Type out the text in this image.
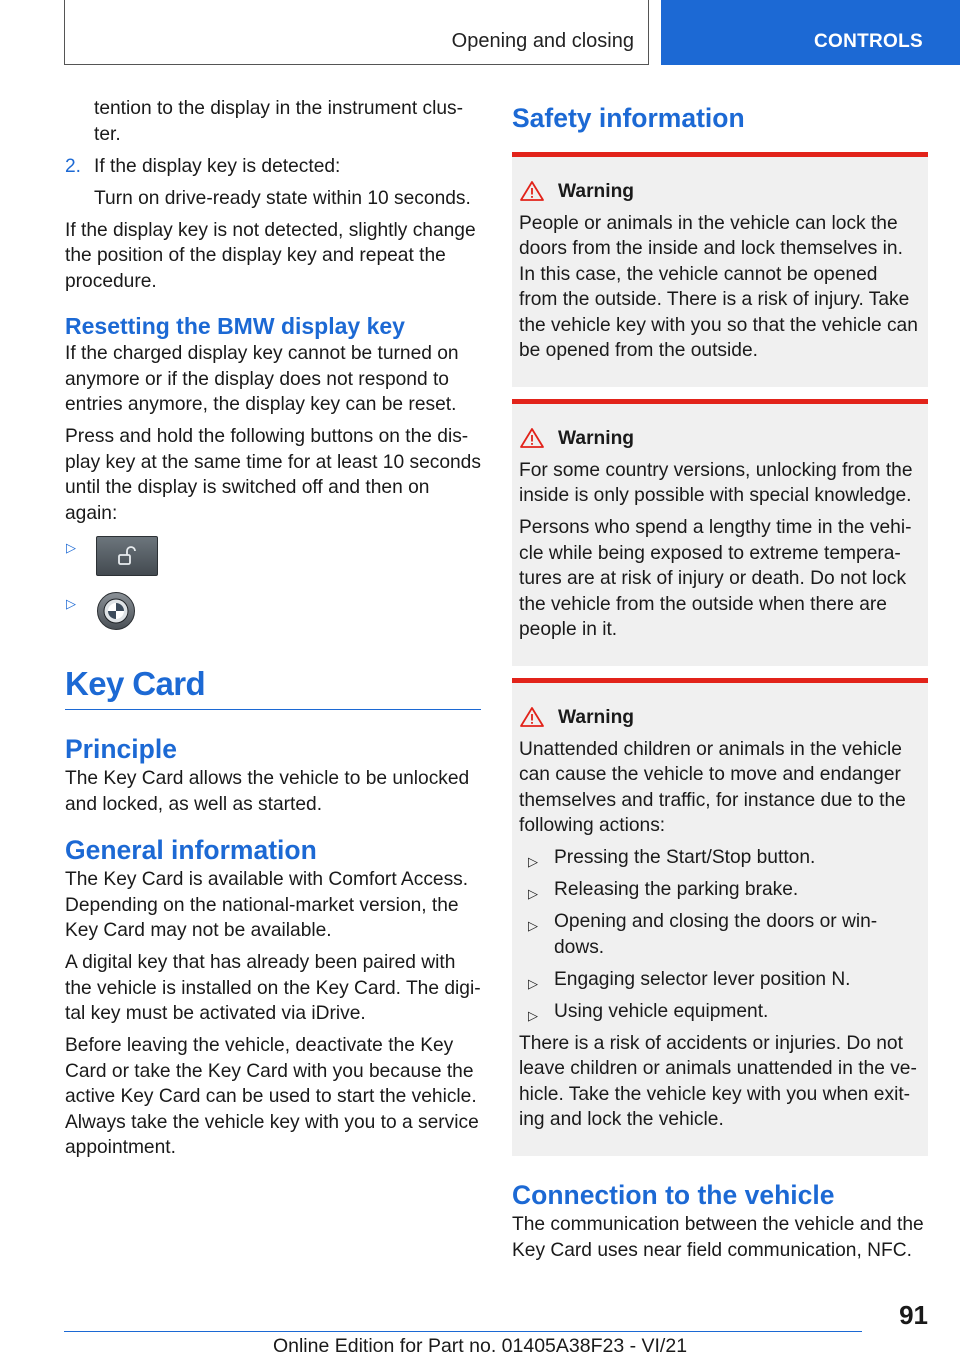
Opening and closing	CONTROLS

tention to the display in the instrument clus-ter.

2. If the display key is detected:

Turn on drive-ready state within 10 seconds.

If the display key is not detected, slightly change the position of the display key and repeat the procedure.

Resetting the BMW display key

If the charged display key cannot be turned on anymore or if the display does not respond to entries anymore, the display key can be reset.

Press and hold the following buttons on the dis-play key at the same time for at least 10 seconds until the display is switched off and then on again:

▷
▷
Key Card
Principle

The Key Card allows the vehicle to be unlocked and locked, as well as started.

General information

The Key Card is available with Comfort Access. Depending on the national-market version, the Key Card may not be available.

A digital key that has already been paired with the vehicle is installed on the Key Card. The digi-tal key must be activated via iDrive.

Before leaving the vehicle, deactivate the Key Card or take the Key Card with you because the active Key Card can be used to start the vehicle. Always take the vehicle key with you to a service appointment.

Safety information
Warning

People or animals in the vehicle can lock the doors from the inside and lock themselves in. In this case, the vehicle cannot be opened from the outside. There is a risk of injury. Take the vehicle key with you so that the vehicle can be opened from the outside.

Warning

For some country versions, unlocking from the inside is only possible with special knowledge.

Persons who spend a lengthy time in the vehi-cle while being exposed to extreme tempera-tures are at risk of injury or death. Do not lock the vehicle from the outside when there are people in it.

Warning

Unattended children or animals in the vehicle can cause the vehicle to move and endanger themselves and traffic, for instance due to the following actions:

▷ Pressing the Start/Stop button.
▷ Releasing the parking brake.
▷ Opening and closing the doors or win-dows.
▷ Engaging selector lever position N.
▷ Using vehicle equipment.

There is a risk of accidents or injuries. Do not leave children or animals unattended in the ve-hicle. Take the vehicle key with you when exit-ing and lock the vehicle.

Connection to the vehicle

The communication between the vehicle and the Key Card uses near field communication, NFC.

91
Online Edition for Part no. 01405A38F23 - VI/21
